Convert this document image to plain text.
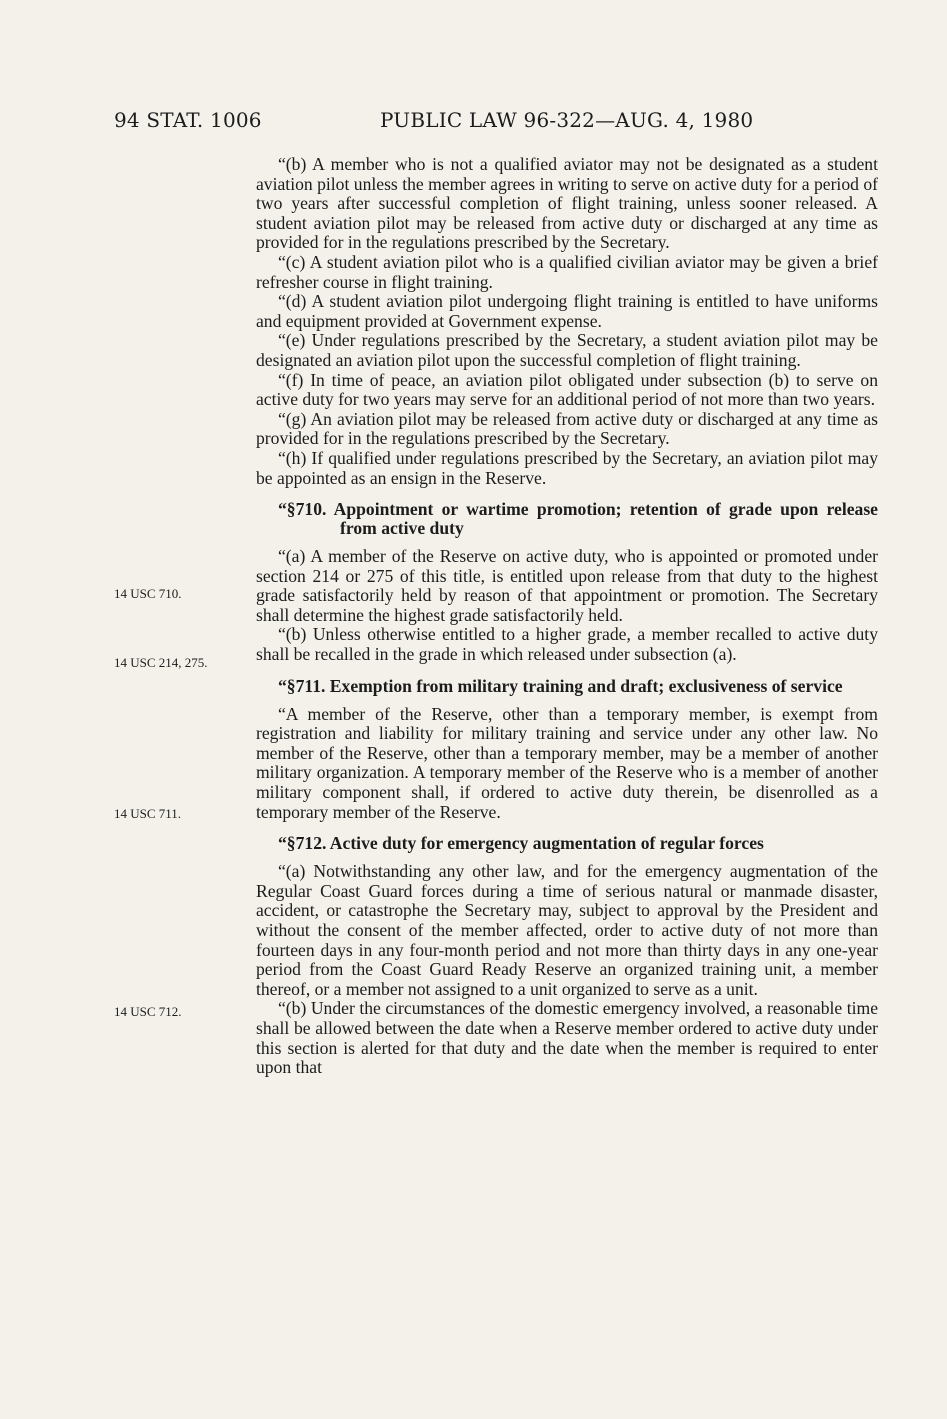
94 STAT. 1006	PUBLIC LAW 96-322—AUG. 4, 1980
14 USC 710.
14 USC 214, 275.
14 USC 711.
14 USC 712.

“(b) A member who is not a qualified aviator may not be designated as a student aviation pilot unless the member agrees in writing to serve on active duty for a period of two years after successful completion of flight training, unless sooner released. A student aviation pilot may be released from active duty or discharged at any time as provided for in the regulations prescribed by the Secretary.

“(c) A student aviation pilot who is a qualified civilian aviator may be given a brief refresher course in flight training.

“(d) A student aviation pilot undergoing flight training is entitled to have uniforms and equipment provided at Government expense.

“(e) Under regulations prescribed by the Secretary, a student aviation pilot may be designated an aviation pilot upon the successful completion of flight training.

“(f) In time of peace, an aviation pilot obligated under subsection (b) to serve on active duty for two years may serve for an additional period of not more than two years.

“(g) An aviation pilot may be released from active duty or discharged at any time as provided for in the regulations prescribed by the Secretary.

“(h) If qualified under regulations prescribed by the Secretary, an aviation pilot may be appointed as an ensign in the Reserve.

“§710. Appointment or wartime promotion; retention of grade upon release from active duty

“(a) A member of the Reserve on active duty, who is appointed or promoted under section 214 or 275 of this title, is entitled upon release from that duty to the highest grade satisfactorily held by reason of that appointment or promotion. The Secretary shall determine the highest grade satisfactorily held.

“(b) Unless otherwise entitled to a higher grade, a member recalled to active duty shall be recalled in the grade in which released under subsection (a).

“§711. Exemption from military training and draft; exclusiveness of service

“A member of the Reserve, other than a temporary member, is exempt from registration and liability for military training and service under any other law. No member of the Reserve, other than a temporary member, may be a member of another military organization. A temporary member of the Reserve who is a member of another military component shall, if ordered to active duty therein, be disenrolled as a temporary member of the Reserve.

“§712. Active duty for emergency augmentation of regular forces

“(a) Notwithstanding any other law, and for the emergency augmentation of the Regular Coast Guard forces during a time of serious natural or manmade disaster, accident, or catastrophe the Secretary may, subject to approval by the President and without the consent of the member affected, order to active duty of not more than fourteen days in any four-month period and not more than thirty days in any one-year period from the Coast Guard Ready Reserve an organized training unit, a member thereof, or a member not assigned to a unit organized to serve as a unit.

“(b) Under the circumstances of the domestic emergency involved, a reasonable time shall be allowed between the date when a Reserve member ordered to active duty under this section is alerted for that duty and the date when the member is required to enter upon that
